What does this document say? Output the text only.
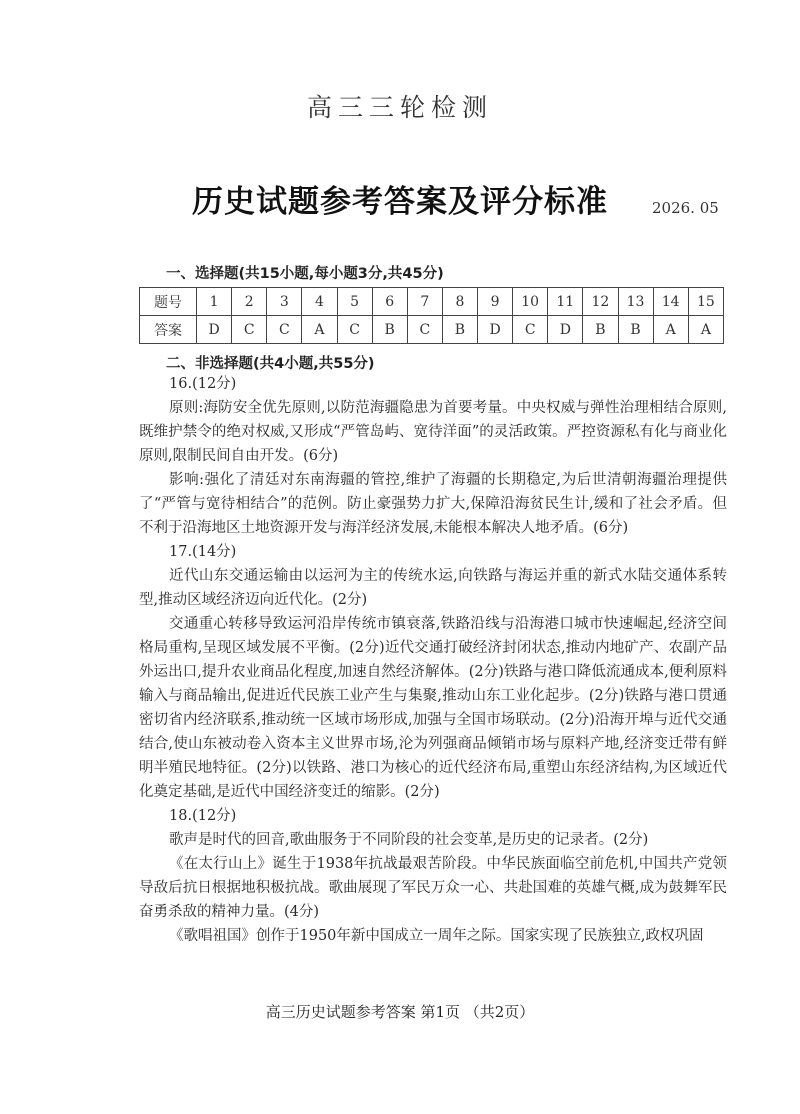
高三三轮检测
历史试题参考答案及评分标准	2026. 05
一、选择题(共15小题,每小题3分,共45分)
题号	1	2	3	4	5	6	7	8	9	10	11	12	13	14	15
答案	D	C	C	A	C	B	C	B	D	C	D	B	B	A	A
二、非选择题(共4小题,共55分)

16.(12分)

原则:海防安全优先原则,以防范海疆隐患为首要考量。中央权威与弹性治理相结合原则,既维护禁令的绝对权威,又形成“严管岛屿、宽待洋面”的灵活政策。严控资源私有化与商业化原则,限制民间自由开发。(6分)

影响:强化了清廷对东南海疆的管控,维护了海疆的长期稳定,为后世清朝海疆治理提供了“严管与宽待相结合”的范例。防止豪强势力扩大,保障沿海贫民生计,缓和了社会矛盾。但不利于沿海地区土地资源开发与海洋经济发展,未能根本解决人地矛盾。(6分)

17.(14分)

近代山东交通运输由以运河为主的传统水运,向铁路与海运并重的新式水陆交通体系转型,推动区域经济迈向近代化。(2分)

交通重心转移导致运河沿岸传统市镇衰落,铁路沿线与沿海港口城市快速崛起,经济空间格局重构,呈现区域发展不平衡。(2分)近代交通打破经济封闭状态,推动内地矿产、农副产品外运出口,提升农业商品化程度,加速自然经济解体。(2分)铁路与港口降低流通成本,便利原料输入与商品输出,促进近代民族工业产生与集聚,推动山东工业化起步。(2分)铁路与港口贯通密切省内经济联系,推动统一区域市场形成,加强与全国市场联动。(2分)沿海开埠与近代交通结合,使山东被动卷入资本主义世界市场,沦为列强商品倾销市场与原料产地,经济变迁带有鲜明半殖民地特征。(2分)以铁路、港口为核心的近代经济布局,重塑山东经济结构,为区域近代化奠定基础,是近代中国经济变迁的缩影。(2分)

18.(12分)

歌声是时代的回音,歌曲服务于不同阶段的社会变革,是历史的记录者。(2分)

《在太行山上》诞生于1938年抗战最艰苦阶段。中华民族面临空前危机,中国共产党领导敌后抗日根据地积极抗战。歌曲展现了军民万众一心、共赴国难的英雄气概,成为鼓舞军民奋勇杀敌的精神力量。(4分)

《歌唱祖国》创作于1950年新中国成立一周年之际。国家实现了民族独立,政权巩固

高三历史试题参考答案 第1页 （共2页）
